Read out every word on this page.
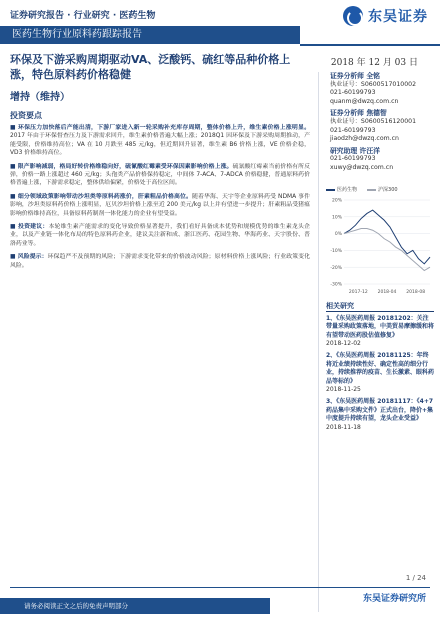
证券研究报告 · 行业研究 · 医药生物	东吴证券
医药生物行业原料药跟踪报告
环保及下游采购周期驱动VA、泛酸钙、硫红等品种价格上涨，特色原料药价格稳健
增持（维持）
2018 年 12 月 03 日
证券分析师 全铭
执业证号：S0600517010002
021-60199793
quanm@dwzq.com.cn
证券分析师 焦德智
执业证号：S0600516120001
021-60199793
jiaodzh@dwzq.com.cn
研究助理 许汪洋
021-60199793
xuwy@dwzq.com.cn
医药生物	沪深300
20%
10%
0%
-10%
-20%
-30%
2017-12 2018-04 2018-08
相关研究
1、《东吴医药周报 20181202：关注带量采购政策落地，中美贸易摩擦缓和将有望带动医药股估值修复》
2018-12-02
2、《东吴医药周报 20181125：年终将近业绩持续性好、确定性高的细分行业，持续推荐的疫苗、生长激素、眼科药品等标的》
2018-11-25
3、《东吴医药周报 20181117：《4+7 药品集中采购文件》正式出台，降价+集中度提升持续有望，龙头企业受益》
2018-11-18
投资要点

■ 环保压力加快落后产能出清，下游厂家进入新一轮采购补充库存周期，整体价格上升，维生素价格上涨明显。2017 年由于环保督查压力及下游需求回升，维生素价格普遍大幅上涨；2018Q1 因环保及下游采购周期推动，产能受限，价格维持高位；VA 在 10 月跌至 485 元/kg，但近期回升显著，维生素 B6 价格上涨，VE 价格企稳，VD3 价格维持高位。

■ 限产影响减弱，格局好转价格维稳向好，硫氰酸红霉素受环保因素影响价格上涨。硫氰酸红霉素当前价格有所反弹，价格一路上涨超过 460 元/kg；头孢类产品价格保持稳定，中间体 7-ACA、7-ADCA 价格稳健，普通原料药价格普遍上涨，下游需求稳定，整体供给偏紧，价格处于高位区间。

■ 细分领域政策影响带动沙坦类等原料药涨价，肝素粗品价格高位。随着华海、天宇等企业原料药受 NDMA 事件影响，沙坦类原料药价格上涨明显，厄贝沙坦价格上涨至近 200 美元/kg 以上并有望进一步提升；肝素粗品受猪瘟影响价格维持高位，具备原料药制剂一体化能力的企业有望受益。

■ 投资建议：本轮维生素产能需求的变化导致价格显著提升，我们看好具备成本优势和规模优势的维生素龙头企业，以及产业链一体化布局的特色原料药企业，建议关注新和成、浙江医药、花园生物、华海药业、天宇股份、普洛药业等。

■ 风险提示：环保趋严不及预期的风险；下游需求变化带来的价格波动风险；原材料价格上涨风险；行业政策变化风险。

1 / 24
东吴证券研究所
请务必阅读正文之后的免责声明部分
